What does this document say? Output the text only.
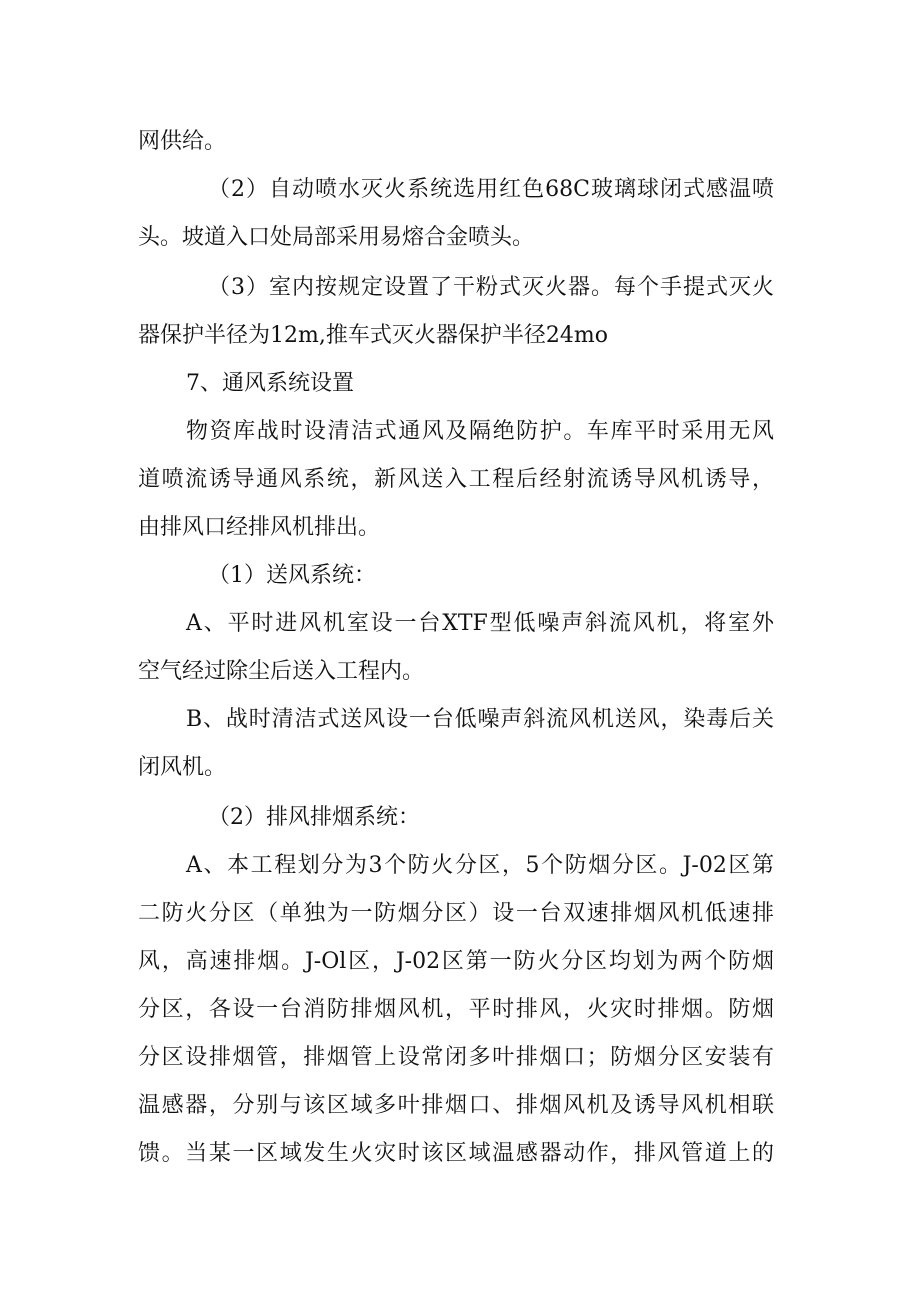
网供给。
（2）自动喷水灭火系统选用红色68C玻璃球闭式感温喷
头。坡道入口处局部采用易熔合金喷头。
（3）室内按规定设置了干粉式灭火器。每个手提式灭火
器保护半径为12m,推车式灭火器保护半径24mo
7、通风系统设置
物资库战时设清洁式通风及隔绝防护。车库平时采用无风
道喷流诱导通风系统，新风送入工程后经射流诱导风机诱导，
由排风口经排风机排出。
（1）送风系统：
A、平时进风机室设一台XTF型低噪声斜流风机，将室外
空气经过除尘后送入工程内。
B、战时清洁式送风设一台低噪声斜流风机送风，染毒后关
闭风机。
（2）排风排烟系统：
A、本工程划分为3个防火分区，5个防烟分区。J-02区第
二防火分区（单独为一防烟分区）设一台双速排烟风机低速排
风，高速排烟。J-Ol区，J-02区第一防火分区均划为两个防烟
分区，各设一台消防排烟风机，平时排风，火灾时排烟。防烟
分区设排烟管，排烟管上设常闭多叶排烟口；防烟分区安装有
温感器，分别与该区域多叶排烟口、排烟风机及诱导风机相联
馈。当某一区域发生火灾时该区域温感器动作，排风管道上的
